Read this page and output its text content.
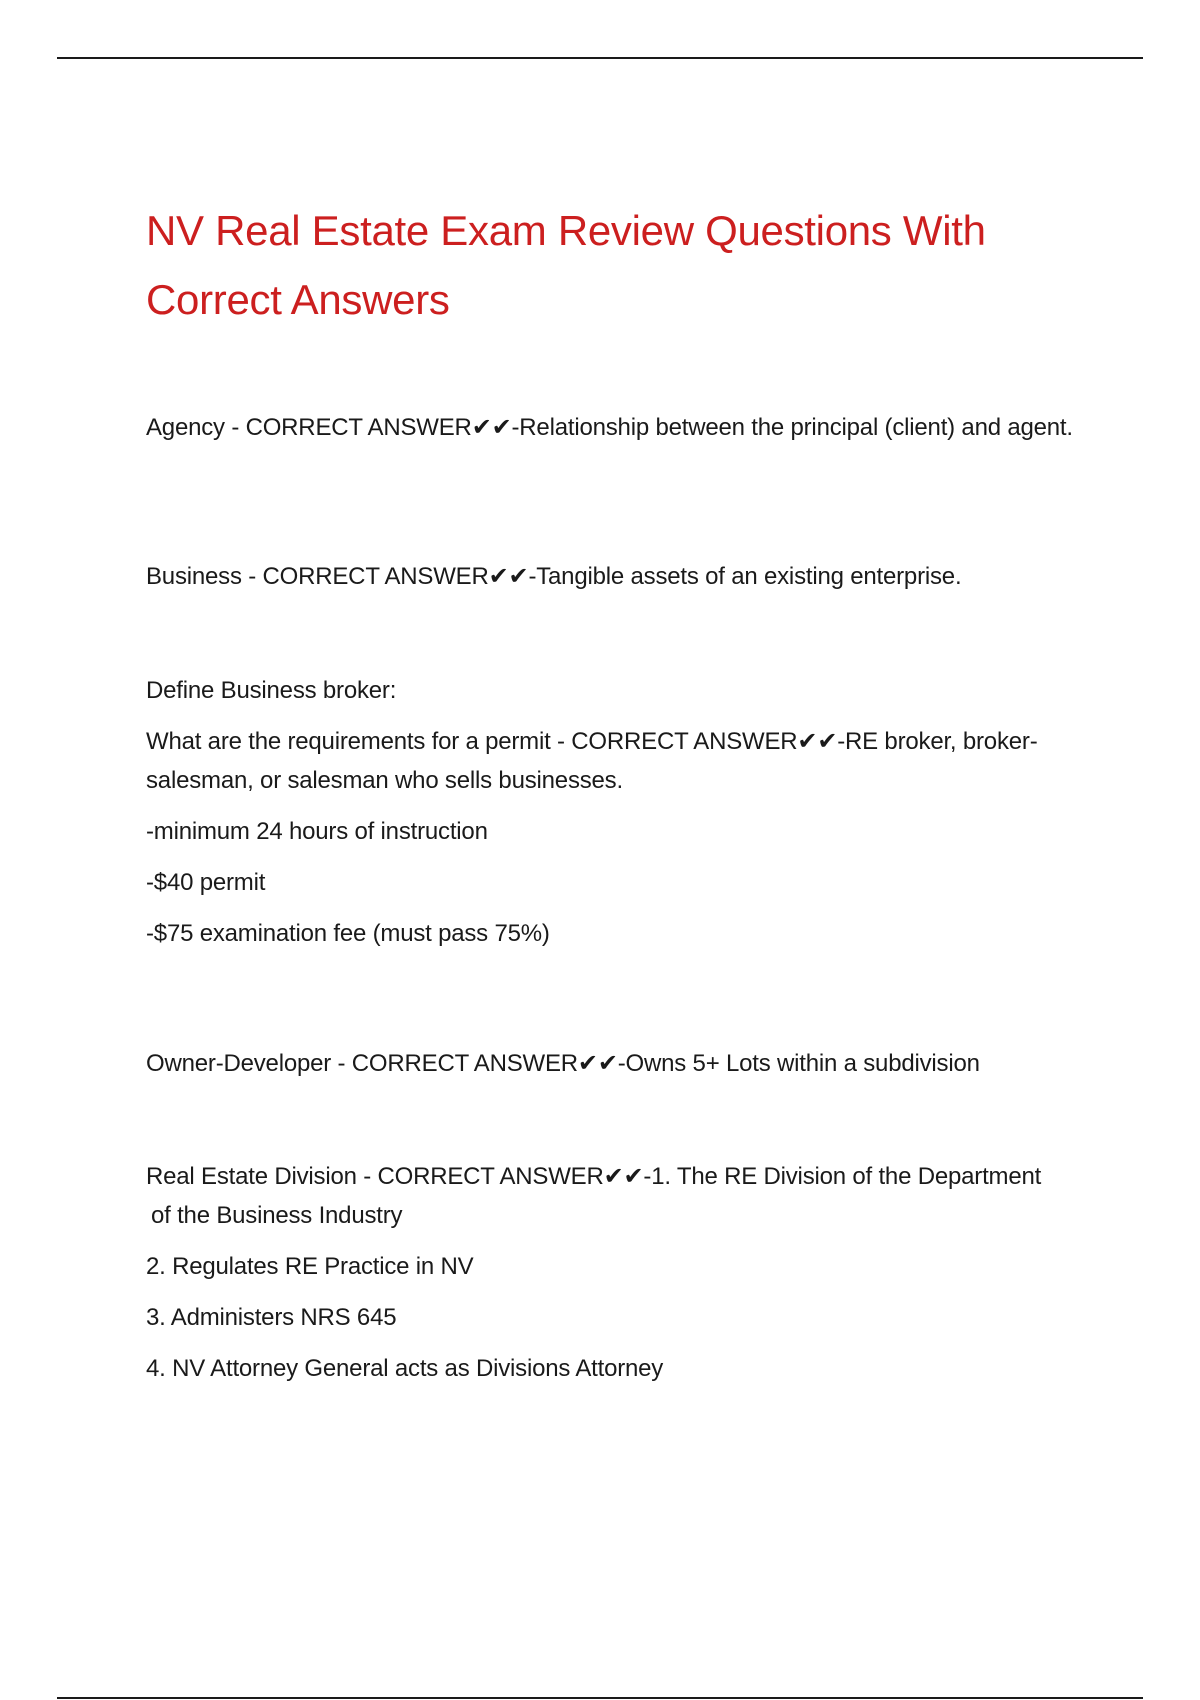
NV Real Estate Exam Review Questions With Correct Answers

Agency - CORRECT ANSWER✔✔-Relationship between the principal (client) and agent.

Business - CORRECT ANSWER✔✔-Tangible assets of an existing enterprise.

Define Business broker:

What are the requirements for a permit - CORRECT ANSWER✔✔-RE broker, broker-salesman, or salesman who sells businesses.

-minimum 24 hours of instruction

-$40 permit

-$75 examination fee (must pass 75%)

Owner-Developer - CORRECT ANSWER✔✔-Owns 5+ Lots within a subdivision

Real Estate Division - CORRECT ANSWER✔✔-1. The RE Division of the Department

of the Business Industry

2. Regulates RE Practice in NV

3. Administers NRS 645

4. NV Attorney General acts as Divisions Attorney
